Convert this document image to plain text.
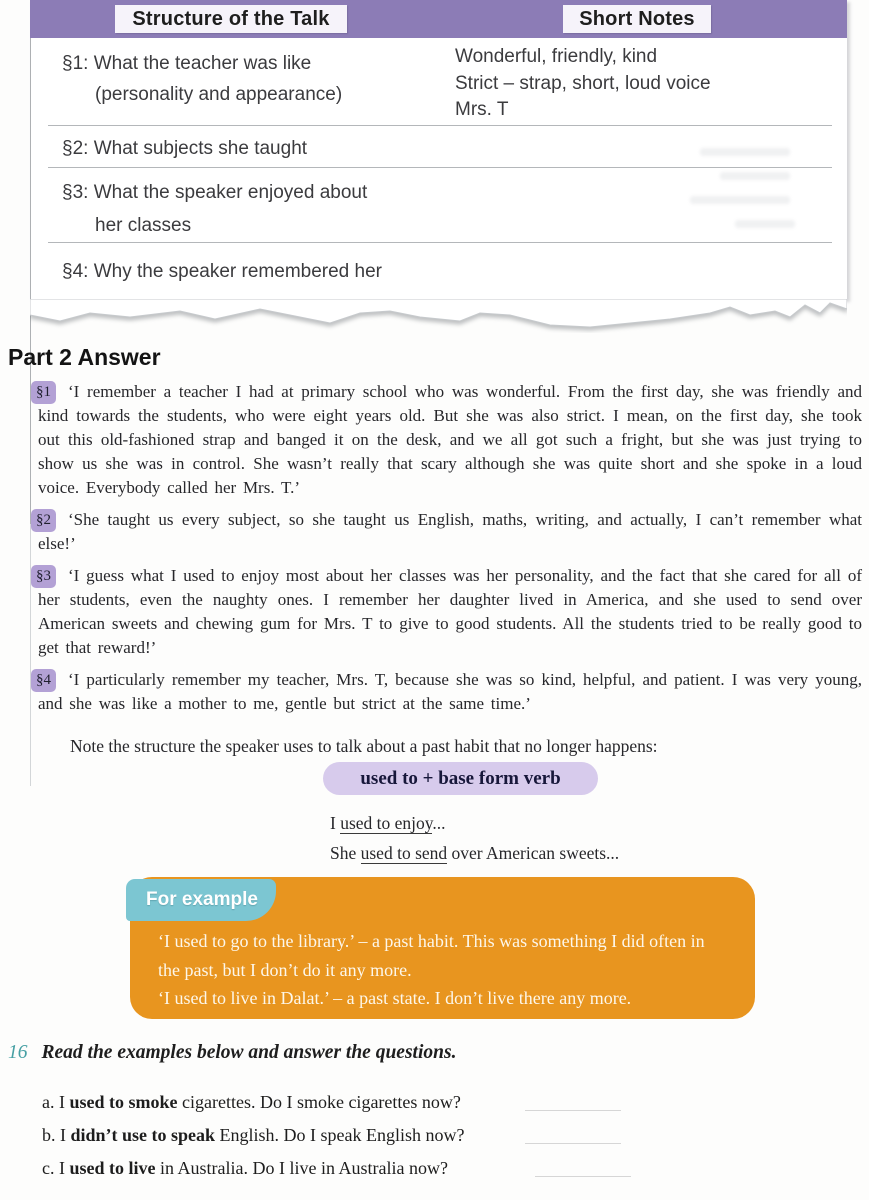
Structure of the Talk	Short Notes
§1: What the teacher was like
(personality and appearance)
Wonderful, friendly, kind
Strict – strap, short, loud voice
Mrs. T
§2: What subjects she taught
§3: What the speaker enjoyed about
her classes
§4: Why the speaker remembered her
Part 2 Answer

§1 ‘I remember a teacher I had at primary school who was wonderful. From the first day, she was friendly and kind towards the students, who were eight years old. But she was also strict. I mean, on the first day, she took out this old-fashioned strap and banged it on the desk, and we all got such a fright, but she was just trying to show us she was in control. She wasn’t really that scary although she was quite short and she spoke in a loud voice. Everybody called her Mrs. T.’

§2 ‘She taught us every subject, so she taught us English, maths, writing, and actually, I can’t remember what else!’

§3 ‘I guess what I used to enjoy most about her classes was her personality, and the fact that she cared for all of her students, even the naughty ones. I remember her daughter lived in America, and she used to send over American sweets and chewing gum for Mrs. T to give to good students. All the students tried to be really good to get that reward!’

§4 ‘I particularly remember my teacher, Mrs. T, because she was so kind, helpful, and patient. I was very young, and she was like a mother to me, gentle but strict at the same time.’

Note the structure the speaker uses to talk about a past habit that no longer happens:

used to + base form verb
I used to enjoy...
She used to send over American sweets...
For example
‘I used to go to the library.’ – a past habit. This was something I did often in the past, but I don’t do it any more.
‘I used to live in Dalat.’ – a past state. I don’t live there any more.
16 Read the examples below and answer the questions.
a. I used to smoke cigarettes. Do I smoke cigarettes now?
b. I didn’t use to speak English. Do I speak English now?
c. I used to live in Australia. Do I live in Australia now?
